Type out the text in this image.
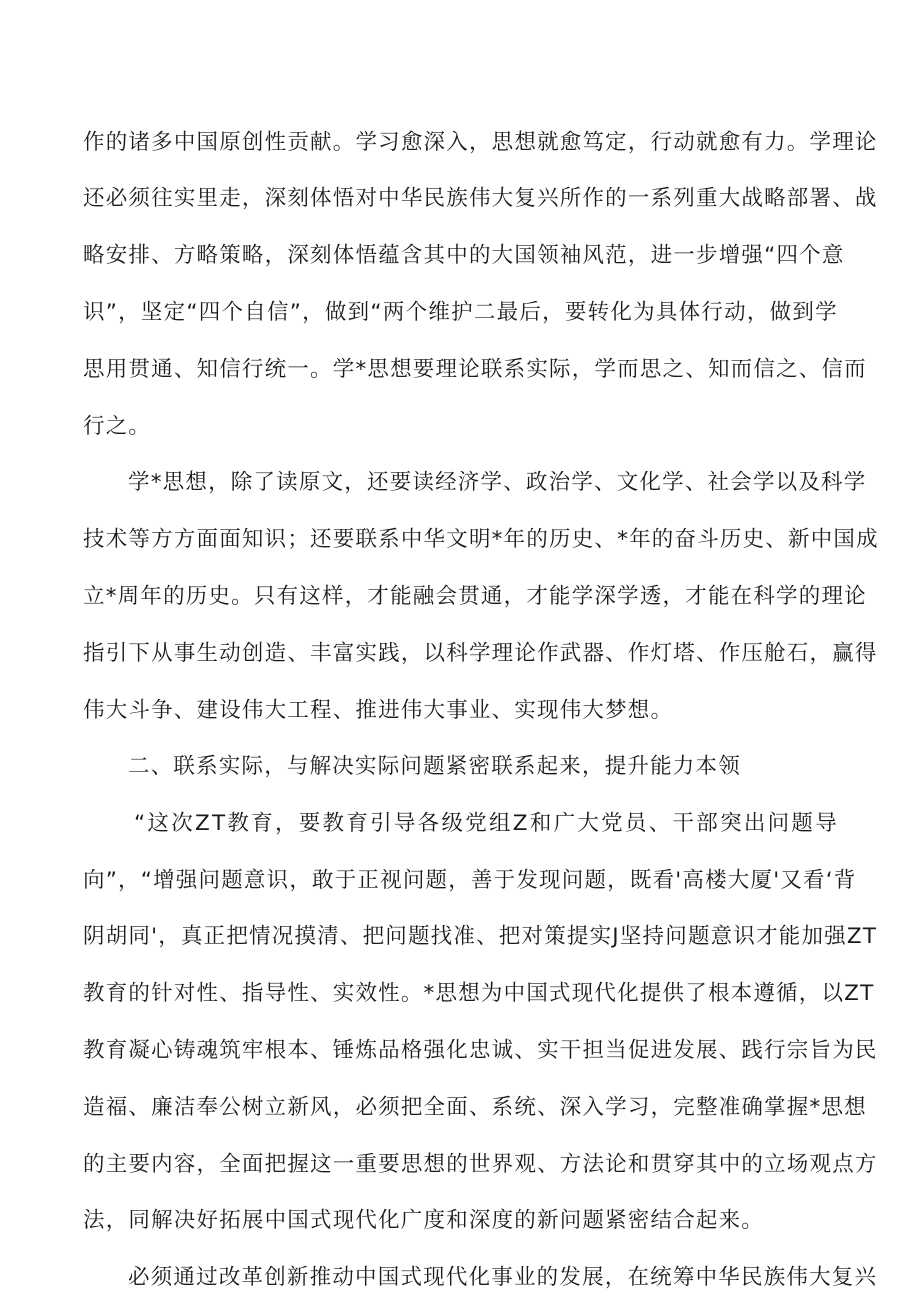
作 的 诸 多 中 国 原 创 性 贡 献 。 学 习 愈 深 入 ， 思 想 就 愈 笃 定 ， 行 动 就 愈 有 力 。 学 理 论
还 必 须 往 实 里 走 ， 深 刻 体 悟 对 中 华 民 族 伟 大 复 兴 所 作 的 一 系 列 重 大 战 略 部 署 、 战
略 安 排 、 方 略 策 略 ， 深 刻 体 悟 蕴 含 其 中 的 大 国 领 袖 风 范 ， 进 一 步 增 强 “ 四 个 意
识 ” ， 坚 定 “ 四 个 自 信 ” ， 做 到 “ 两 个 维 护 二 最 后 ， 要 转 化 为 具 体 行 动 ， 做 到 学
思 用 贯 通 、 知 信 行 统 一 。 学 * 思 想 要 理 论 联 系 实 际 ， 学 而 思 之 、 知 而 信 之 、 信 而
行之。
学 * 思 想 ， 除 了 读 原 文 ， 还 要 读 经 济 学 、 政 治 学 、 文 化 学 、 社 会 学 以 及 科 学
技 术 等 方 方 面 面 知 识 ； 还 要 联 系 中 华 文 明 * 年 的 历 史 、 * 年 的 奋 斗 历 史 、 新 中 国 成
立 * 周 年 的 历 史 。 只 有 这 样 ， 才 能 融 会 贯 通 ， 才 能 学 深 学 透 ， 才 能 在 科 学 的 理 论
指 引 下 从 事 生 动 创 造 、 丰 富 实 践 ， 以 科 学 理 论 作 武 器 、 作 灯 塔 、 作 压 舱 石 ， 赢 得
伟大斗争、建设伟大工程、推进伟大事业、实现伟大梦想。
二、联系实际，与解决实际问题紧密联系起来，提升能力本领
“ 这 次 Z T 教 育 ， 要 教 育 引 导 各 级 党 组 Z 和 广 大 党 员 、 干 部 突 出 问 题 导
向 ” ， “ 增 强 问 题 意 识 ， 敢 于 正 视 问 题 ， 善 于 发 现 问 题 ， 既 看 ' 高 楼 大 厦 ' 又 看 ‘ 背
阴 胡 同 ' ， 真 正 把 情 况 摸 清 、 把 问 题 找 准 、 把 对 策 提 实 J 坚 持 问 题 意 识 才 能 加 强 Z T
教 育 的 针 对 性 、 指 导 性 、 实 效 性 。 * 思 想 为 中 国 式 现 代 化 提 供 了 根 本 遵 循 ， 以 Z T
教 育 凝 心 铸 魂 筑 牢 根 本 、 锤 炼 品 格 强 化 忠 诚 、 实 干 担 当 促 进 发 展 、 践 行 宗 旨 为 民
造 福 、 廉 洁 奉 公 树 立 新 风 ， 必 须 把 全 面 、 系 统 、 深 入 学 习 ， 完 整 准 确 掌 握 * 思 想
的 主 要 内 容 ， 全 面 把 握 这 一 重 要 思 想 的 世 界 观 、 方 法 论 和 贯 穿 其 中 的 立 场 观 点 方
法，同解决好拓展中国式现代化广度和深度的新问题紧密结合起来。
必 须 通 过 改 革 创 新 推 动 中 国 式 现 代 化 事 业 的 发 展 ， 在 统 筹 中 华 民 族 伟 大 复 兴
